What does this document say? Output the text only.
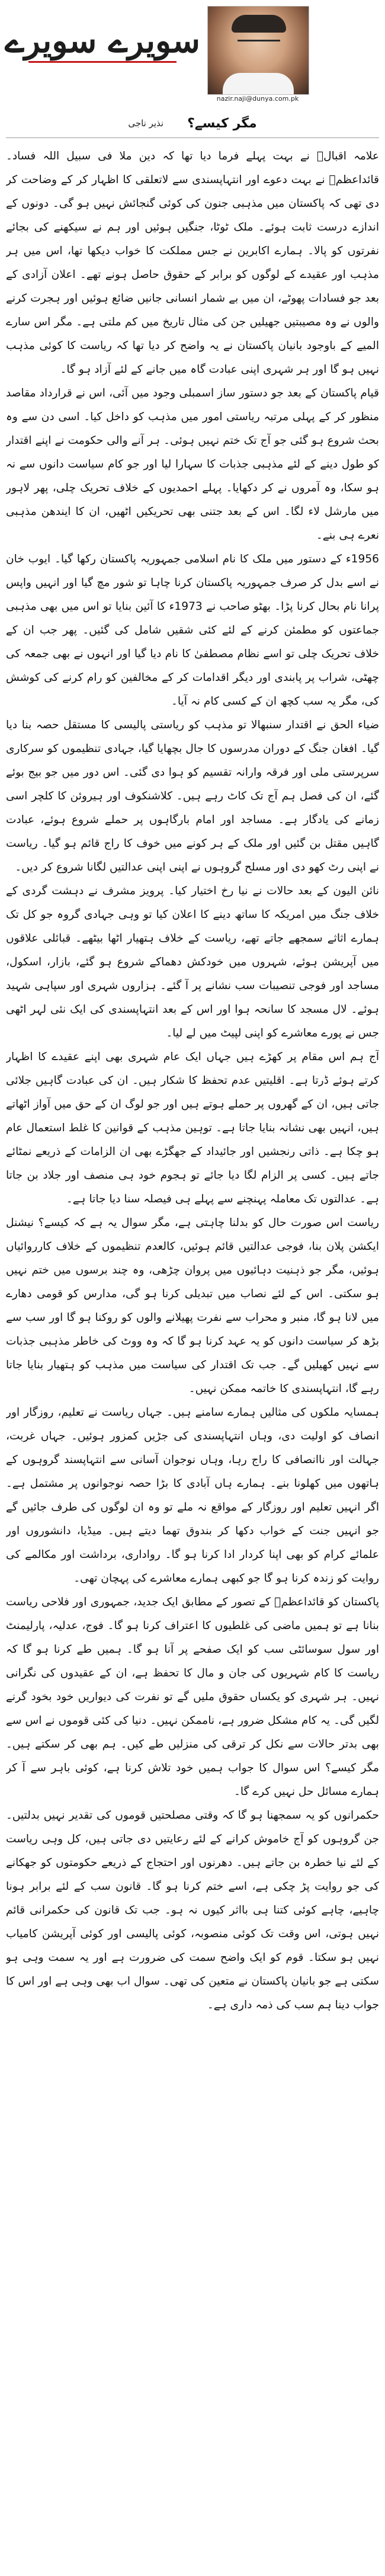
سویرے سویرے
nazir.naji@dunya.com.pk
مگر کیسے؟
نذیر ناجی

علامہ اقبالؒ نے بہت پہلے فرما دیا تھا کہ دین ملا فی سبیل اللہ فساد۔ قائداعظمؒ نے بہت دعوے اور انتہاپسندی سے لاتعلقی کا اظہار کر کے وضاحت کر دی تھی کہ پاکستان میں مذہبی جنون کی کوئی گنجائش نہیں ہو گی۔ دونوں کے اندازے درست ثابت ہوئے۔ ملک ٹوٹا، جنگیں ہوئیں اور ہم نے سیکھنے کی بجائے نفرتوں کو پالا۔ ہمارے اکابرین نے جس مملکت کا خواب دیکھا تھا، اس میں ہر مذہب اور عقیدے کے لوگوں کو برابر کے حقوق حاصل ہونے تھے۔ اعلان آزادی کے بعد جو فسادات پھوٹے، ان میں بے شمار انسانی جانیں ضائع ہوئیں اور ہجرت کرنے والوں نے وہ مصیبتیں جھیلیں جن کی مثال تاریخ میں کم ملتی ہے۔ مگر اس سارے المیے کے باوجود بانیان پاکستان نے یہ واضح کر دیا تھا کہ ریاست کا کوئی مذہب نہیں ہو گا اور ہر شہری اپنی عبادت گاہ میں جانے کے لئے آزاد ہو گا۔

قیام پاکستان کے بعد جو دستور ساز اسمبلی وجود میں آئی، اس نے قرارداد مقاصد منظور کر کے پہلی مرتبہ ریاستی امور میں مذہب کو داخل کیا۔ اسی دن سے وہ بحث شروع ہو گئی جو آج تک ختم نہیں ہوئی۔ ہر آنے والی حکومت نے اپنے اقتدار کو طول دینے کے لئے مذہبی جذبات کا سہارا لیا اور جو کام سیاست دانوں سے نہ ہو سکا، وہ آمروں نے کر دکھایا۔ پہلے احمدیوں کے خلاف تحریک چلی، پھر لاہور میں مارشل لاء لگا۔ اس کے بعد جتنی بھی تحریکیں اٹھیں، ان کا ایندھن مذہبی نعرے ہی بنے۔

1956ء کے دستور میں ملک کا نام اسلامی جمہوریہ پاکستان رکھا گیا۔ ایوب خان نے اسے بدل کر صرف جمہوریہ پاکستان کرنا چاہا تو شور مچ گیا اور انہیں واپس پرانا نام بحال کرنا پڑا۔ بھٹو صاحب نے 1973ء کا آئین بنایا تو اس میں بھی مذہبی جماعتوں کو مطمئن کرنے کے لئے کئی شقیں شامل کی گئیں۔ پھر جب ان کے خلاف تحریک چلی تو اسے نظام مصطفیٰ کا نام دیا گیا اور انہوں نے بھی جمعہ کی چھٹی، شراب پر پابندی اور دیگر اقدامات کر کے مخالفین کو رام کرنے کی کوشش کی، مگر یہ سب کچھ ان کے کسی کام نہ آیا۔

ضیاء الحق نے اقتدار سنبھالا تو مذہب کو ریاستی پالیسی کا مستقل حصہ بنا دیا گیا۔ افغان جنگ کے دوران مدرسوں کا جال بچھایا گیا، جہادی تنظیموں کو سرکاری سرپرستی ملی اور فرقہ وارانہ تقسیم کو ہوا دی گئی۔ اس دور میں جو بیج بوئے گئے، ان کی فصل ہم آج تک کاٹ رہے ہیں۔ کلاشنکوف اور ہیروئن کا کلچر اسی زمانے کی یادگار ہے۔ مساجد اور امام بارگاہوں پر حملے شروع ہوئے، عبادت گاہیں مقتل بن گئیں اور ملک کے ہر کونے میں خوف کا راج قائم ہو گیا۔ ریاست نے اپنی رٹ کھو دی اور مسلح گروہوں نے اپنی اپنی عدالتیں لگانا شروع کر دیں۔

نائن الیون کے بعد حالات نے نیا رخ اختیار کیا۔ پرویز مشرف نے دہشت گردی کے خلاف جنگ میں امریکہ کا ساتھ دینے کا اعلان کیا تو وہی جہادی گروہ جو کل تک ہمارے اثاثے سمجھے جاتے تھے، ریاست کے خلاف ہتھیار اٹھا بیٹھے۔ قبائلی علاقوں میں آپریشن ہوئے، شہروں میں خودکش دھماکے شروع ہو گئے، بازار، اسکول، مساجد اور فوجی تنصیبات سب نشانے پر آ گئے۔ ہزاروں شہری اور سپاہی شہید ہوئے۔ لال مسجد کا سانحہ ہوا اور اس کے بعد انتہاپسندی کی ایک نئی لہر اٹھی جس نے پورے معاشرے کو اپنی لپیٹ میں لے لیا۔

آج ہم اس مقام پر کھڑے ہیں جہاں ایک عام شہری بھی اپنے عقیدے کا اظہار کرتے ہوئے ڈرتا ہے۔ اقلیتیں عدم تحفظ کا شکار ہیں۔ ان کی عبادت گاہیں جلائی جاتی ہیں، ان کے گھروں پر حملے ہوتے ہیں اور جو لوگ ان کے حق میں آواز اٹھاتے ہیں، انہیں بھی نشانہ بنایا جاتا ہے۔ توہین مذہب کے قوانین کا غلط استعمال عام ہو چکا ہے۔ ذاتی رنجشیں اور جائیداد کے جھگڑے بھی ان الزامات کے ذریعے نمٹائے جاتے ہیں۔ کسی پر الزام لگا دیا جائے تو ہجوم خود ہی منصف اور جلاد بن جاتا ہے۔ عدالتوں تک معاملہ پہنچنے سے پہلے ہی فیصلہ سنا دیا جاتا ہے۔

ریاست اس صورت حال کو بدلنا چاہتی ہے، مگر سوال یہ ہے کہ کیسے؟ نیشنل ایکشن پلان بنا، فوجی عدالتیں قائم ہوئیں، کالعدم تنظیموں کے خلاف کارروائیاں ہوئیں، مگر جو ذہنیت دہائیوں میں پروان چڑھی، وہ چند برسوں میں ختم نہیں ہو سکتی۔ اس کے لئے نصاب میں تبدیلی کرنا ہو گی، مدارس کو قومی دھارے میں لانا ہو گا، منبر و محراب سے نفرت پھیلانے والوں کو روکنا ہو گا اور سب سے بڑھ کر سیاست دانوں کو یہ عہد کرنا ہو گا کہ وہ ووٹ کی خاطر مذہبی جذبات سے نہیں کھیلیں گے۔ جب تک اقتدار کی سیاست میں مذہب کو ہتھیار بنایا جاتا رہے گا، انتہاپسندی کا خاتمہ ممکن نہیں۔

ہمسایہ ملکوں کی مثالیں ہمارے سامنے ہیں۔ جہاں ریاست نے تعلیم، روزگار اور انصاف کو اولیت دی، وہاں انتہاپسندی کی جڑیں کمزور ہوئیں۔ جہاں غربت، جہالت اور ناانصافی کا راج رہا، وہاں نوجوان آسانی سے انتہاپسند گروہوں کے ہاتھوں میں کھلونا بنے۔ ہمارے ہاں آبادی کا بڑا حصہ نوجوانوں پر مشتمل ہے۔ اگر انہیں تعلیم اور روزگار کے مواقع نہ ملے تو وہ ان لوگوں کی طرف جائیں گے جو انہیں جنت کے خواب دکھا کر بندوق تھما دیتے ہیں۔ میڈیا، دانشوروں اور علمائے کرام کو بھی اپنا کردار ادا کرنا ہو گا۔ رواداری، برداشت اور مکالمے کی روایت کو زندہ کرنا ہو گا جو کبھی ہمارے معاشرے کی پہچان تھی۔

پاکستان کو قائداعظمؒ کے تصور کے مطابق ایک جدید، جمہوری اور فلاحی ریاست بنانا ہے تو ہمیں ماضی کی غلطیوں کا اعتراف کرنا ہو گا۔ فوج، عدلیہ، پارلیمنٹ اور سول سوسائٹی سب کو ایک صفحے پر آنا ہو گا۔ ہمیں طے کرنا ہو گا کہ ریاست کا کام شہریوں کی جان و مال کا تحفظ ہے، ان کے عقیدوں کی نگرانی نہیں۔ ہر شہری کو یکساں حقوق ملیں گے تو نفرت کی دیواریں خود بخود گرنے لگیں گی۔ یہ کام مشکل ضرور ہے، ناممکن نہیں۔ دنیا کی کئی قوموں نے اس سے بھی بدتر حالات سے نکل کر ترقی کی منزلیں طے کیں۔ ہم بھی کر سکتے ہیں۔ مگر کیسے؟ اس سوال کا جواب ہمیں خود تلاش کرنا ہے، کوئی باہر سے آ کر ہمارے مسائل حل نہیں کرے گا۔

حکمرانوں کو یہ سمجھنا ہو گا کہ وقتی مصلحتیں قوموں کی تقدیر نہیں بدلتیں۔ جن گروہوں کو آج خاموش کرانے کے لئے رعایتیں دی جاتی ہیں، کل وہی ریاست کے لئے نیا خطرہ بن جاتے ہیں۔ دھرنوں اور احتجاج کے ذریعے حکومتوں کو جھکانے کی جو روایت پڑ چکی ہے، اسے ختم کرنا ہو گا۔ قانون سب کے لئے برابر ہونا چاہیے، چاہے کوئی کتنا ہی بااثر کیوں نہ ہو۔ جب تک قانون کی حکمرانی قائم نہیں ہوتی، اس وقت تک کوئی منصوبہ، کوئی پالیسی اور کوئی آپریشن کامیاب نہیں ہو سکتا۔ قوم کو ایک واضح سمت کی ضرورت ہے اور یہ سمت وہی ہو سکتی ہے جو بانیان پاکستان نے متعین کی تھی۔ سوال اب بھی وہی ہے اور اس کا جواب دینا ہم سب کی ذمہ داری ہے۔
